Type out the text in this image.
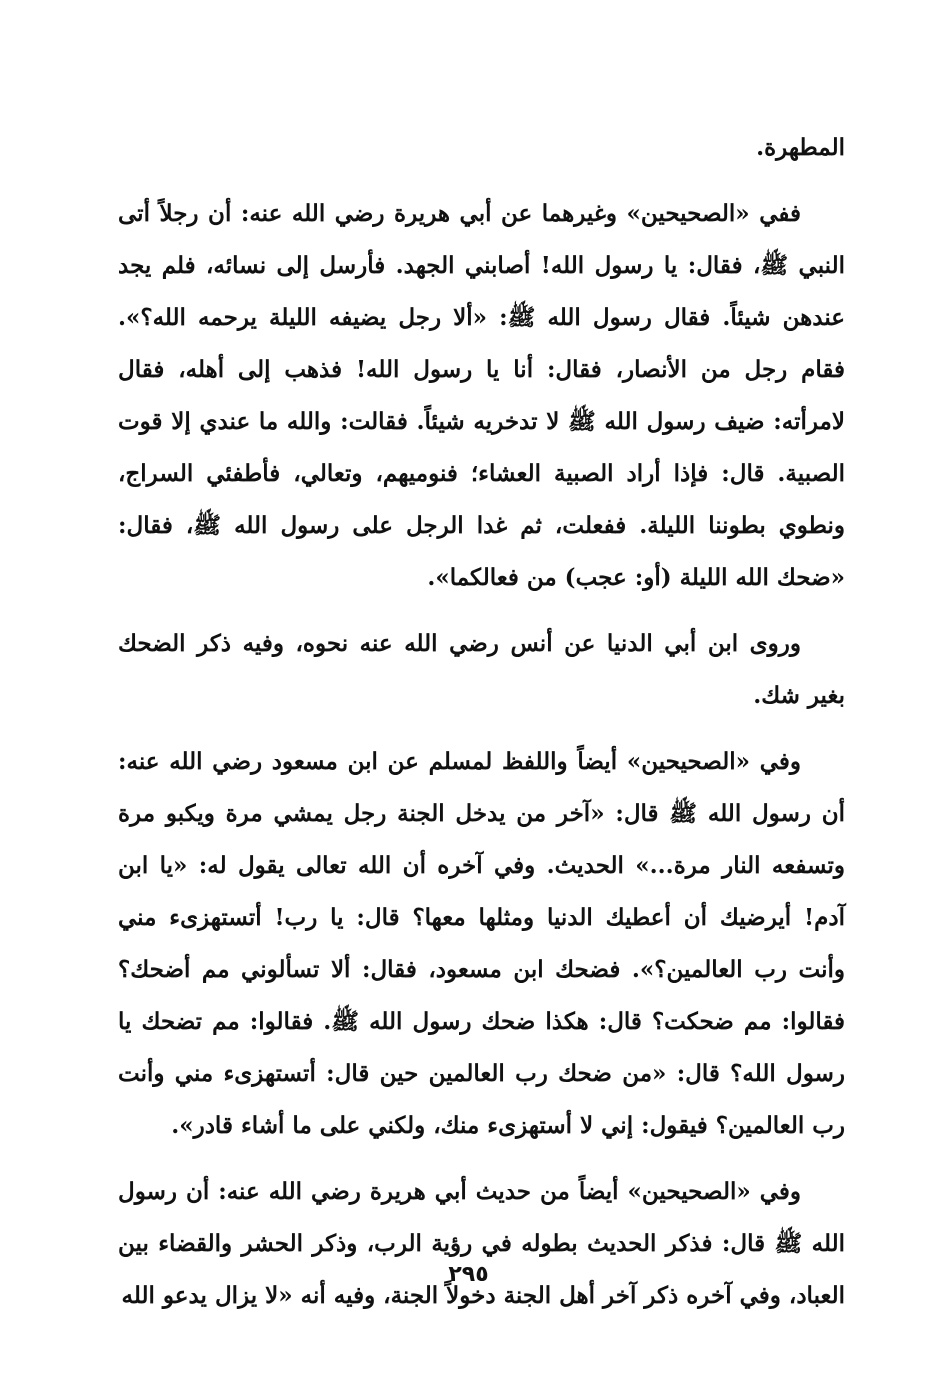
المطهرة.

ففي «الصحيحين» وغيرهما عن أبي هريرة رضي الله عنه: أن رجلاً أتى النبي ﷺ، فقال: يا رسول الله! أصابني الجهد. فأرسل إلى نسائه، فلم يجد عندهن شيئاً. فقال رسول الله ﷺ: «ألا رجل يضيفه الليلة يرحمه الله؟». فقام رجل من الأنصار، فقال: أنا يا رسول الله! فذهب إلى أهله، فقال لامرأته: ضيف رسول الله ﷺ لا تدخريه شيئاً. فقالت: والله ما عندي إلا قوت الصبية. قال: فإذا أراد الصبية العشاء؛ فنوميهم، وتعالي، فأطفئي السراج، ونطوي بطوننا الليلة. ففعلت، ثم غدا الرجل على رسول الله ﷺ، فقال: «ضحك الله الليلة (أو: عجب) من فعالكما».

وروى ابن أبي الدنيا عن أنس رضي الله عنه نحوه، وفيه ذكر الضحك بغير شك.

وفي «الصحيحين» أيضاً واللفظ لمسلم عن ابن مسعود رضي الله عنه: أن رسول الله ﷺ قال: «آخر من يدخل الجنة رجل يمشي مرة ويكبو مرة وتسفعه النار مرة...» الحديث. وفي آخره أن الله تعالى يقول له: «يا ابن آدم! أيرضيك أن أعطيك الدنيا ومثلها معها؟ قال: يا رب! أتستهزىء مني وأنت رب العالمين؟». فضحك ابن مسعود، فقال: ألا تسألوني مم أضحك؟ فقالوا: مم ضحكت؟ قال: هكذا ضحك رسول الله ﷺ. فقالوا: مم تضحك يا رسول الله؟ قال: «من ضحك رب العالمين حين قال: أتستهزىء مني وأنت رب العالمين؟ فيقول: إني لا أستهزىء منك، ولكني على ما أشاء قادر».

وفي «الصحيحين» أيضاً من حديث أبي هريرة رضي الله عنه: أن رسول الله ﷺ قال: فذكر الحديث بطوله في رؤية الرب، وذكر الحشر والقضاء بين العباد، وفي آخره ذكر آخر أهل الجنة دخولاً الجنة، وفيه أنه «لا يزال يدعو الله

٢٩٥
